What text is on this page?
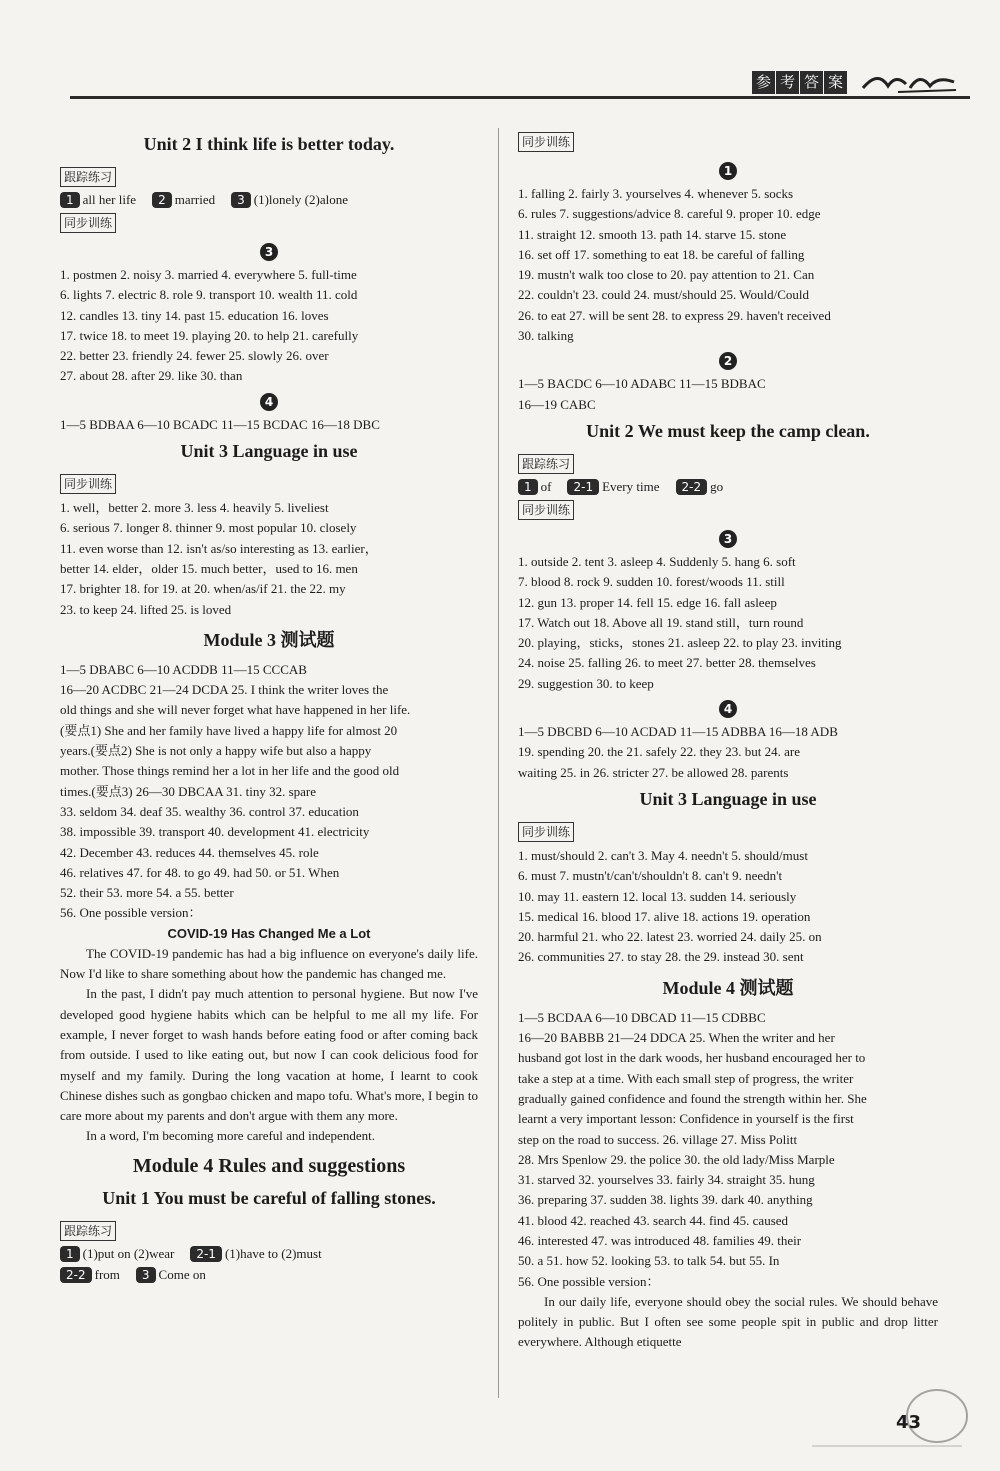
参 考 答 案
Unit 2 I think life is better today.
跟踪练习
1 all her life 2 married 3 (1)lonely (2)alone
同步训练
3
1. postmen 2. noisy 3. married 4. everywhere 5. full-time
6. lights 7. electric 8. role 9. transport 10. wealth 11. cold
12. candles 13. tiny 14. past 15. education 16. loves
17. twice 18. to meet 19. playing 20. to help 21. carefully
22. better 23. friendly 24. fewer 25. slowly 26. over
27. about 28. after 29. like 30. than
4
1—5 BDBAA 6—10 BCADC 11—15 BCDAC 16—18 DBC
Unit 3 Language in use
同步训练
1. well，better 2. more 3. less 4. heavily 5. liveliest
6. serious 7. longer 8. thinner 9. most popular 10. closely
11. even worse than 12. isn't as/so interesting as 13. earlier，
better 14. elder，older 15. much better，used to 16. men
17. brighter 18. for 19. at 20. when/as/if 21. the 22. my
23. to keep 24. lifted 25. is loved
Module 3 测试题
1—5 DBABC 6—10 ACDDB 11—15 CCCAB
16—20 ACDBC 21—24 DCDA 25. I think the writer loves the
old things and she will never forget what have happened in her life.
(要点1) She and her family have lived a happy life for almost 20
years.(要点2) She is not only a happy wife but also a happy
mother. Those things remind her a lot in her life and the good old
times.(要点3) 26—30 DBCAA 31. tiny 32. spare
33. seldom 34. deaf 35. wealthy 36. control 37. education
38. impossible 39. transport 40. development 41. electricity
42. December 43. reduces 44. themselves 45. role
46. relatives 47. for 48. to go 49. had 50. or 51. When
52. their 53. more 54. a 55. better
56. One possible version：
COVID-19 Has Changed Me a Lot
The COVID-19 pandemic has had a big influence on everyone's daily life. Now I'd like to share something about how the pandemic has changed me.
In the past, I didn't pay much attention to personal hygiene. But now I've developed good hygiene habits which can be helpful to me all my life. For example, I never forget to wash hands before eating food or after coming back from outside. I used to like eating out, but now I can cook delicious food for myself and my family. During the long vacation at home, I learnt to cook Chinese dishes such as gongbao chicken and mapo tofu. What's more, I begin to care more about my parents and don't argue with them any more.
In a word, I'm becoming more careful and independent.
Module 4 Rules and suggestions
Unit 1 You must be careful of falling stones.
跟踪练习
1 (1)put on (2)wear 2-1 (1)have to (2)must
2-2 from 3 Come on
同步训练
1
1. falling 2. fairly 3. yourselves 4. whenever 5. socks
6. rules 7. suggestions/advice 8. careful 9. proper 10. edge
11. straight 12. smooth 13. path 14. starve 15. stone
16. set off 17. something to eat 18. be careful of falling
19. mustn't walk too close to 20. pay attention to 21. Can
22. couldn't 23. could 24. must/should 25. Would/Could
26. to eat 27. will be sent 28. to express 29. haven't received
30. talking
2
1—5 BACDC 6—10 ADABC 11—15 BDBAC
16—19 CABC
Unit 2 We must keep the camp clean.
跟踪练习
1 of 2-1 Every time 2-2 go
同步训练
3
1. outside 2. tent 3. asleep 4. Suddenly 5. hang 6. soft
7. blood 8. rock 9. sudden 10. forest/woods 11. still
12. gun 13. proper 14. fell 15. edge 16. fall asleep
17. Watch out 18. Above all 19. stand still，turn round
20. playing，sticks，stones 21. asleep 22. to play 23. inviting
24. noise 25. falling 26. to meet 27. better 28. themselves
29. suggestion 30. to keep
4
1—5 DBCBD 6—10 ACDAD 11—15 ADBBA 16—18 ADB
19. spending 20. the 21. safely 22. they 23. but 24. are
waiting 25. in 26. stricter 27. be allowed 28. parents
Unit 3 Language in use
同步训练
1. must/should 2. can't 3. May 4. needn't 5. should/must
6. must 7. mustn't/can't/shouldn't 8. can't 9. needn't
10. may 11. eastern 12. local 13. sudden 14. seriously
15. medical 16. blood 17. alive 18. actions 19. operation
20. harmful 21. who 22. latest 23. worried 24. daily 25. on
26. communities 27. to stay 28. the 29. instead 30. sent
Module 4 测试题
1—5 BCDAA 6—10 DBCAD 11—15 CDBBC
16—20 BABBB 21—24 DDCA 25. When the writer and her
husband got lost in the dark woods, her husband encouraged her to
take a step at a time. With each small step of progress, the writer
gradually gained confidence and found the strength within her. She
learnt a very important lesson: Confidence in yourself is the first
step on the road to success. 26. village 27. Miss Politt
28. Mrs Spenlow 29. the police 30. the old lady/Miss Marple
31. starved 32. yourselves 33. fairly 34. straight 35. hung
36. preparing 37. sudden 38. lights 39. dark 40. anything
41. blood 42. reached 43. search 44. find 45. caused
46. interested 47. was introduced 48. families 49. their
50. a 51. how 52. looking 53. to talk 54. but 55. In
56. One possible version：
In our daily life, everyone should obey the social rules. We should behave politely in public. But I often see some people spit in public and drop litter everywhere. Although etiquette
43
